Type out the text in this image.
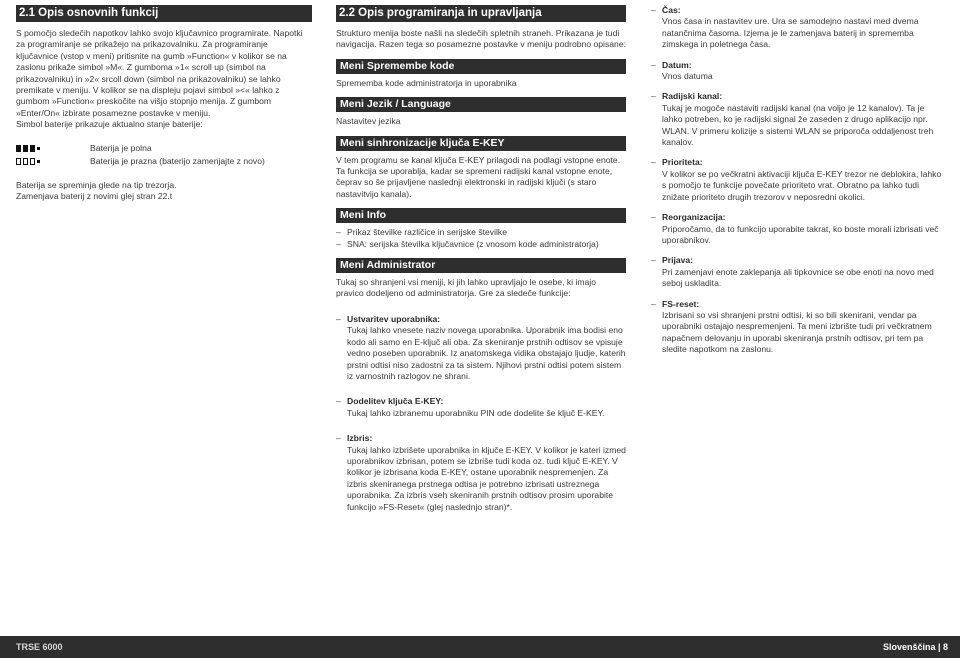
2.1 Opis osnovnih funkcij

S pomočjo sledečih napotkov lahko svojo ključavnico programirate. Napotki za programiranje se prikažejo na prikazovalniku. Za programiranje ključavnice (vstop v meni) pritisnite na gumb »Function« v kolikor se na zaslonu prikaže simbol »M«. Z gumboma »1« scroll up (simbol na prikazovalniku) in »2« srcoll down (simbol na prikazovalniku) se lahko premikate v meniju. V kolikor se na displeju pojavi simbol »<« lahko z gumbom »Function« preskočite na višjo stopnjo menija. Z gumbom »Enter/On« izbirate posamezne postavke v meniju.

Simbol baterije prikazuje aktualno stanje baterije:

Baterija je polna
Baterija je prazna (baterijo zamenjajte z novo)

Baterija se spreminja glede na tip trezorja.

Zamenjava baterij z novimi glej stran 22.t

2.2 Opis programiranja in upravljanja

Strukturo menija boste našli na sledečih spletnih straneh. Prikazana je tudi navigacija. Razen tega so posamezne postavke v meniju podrobno opisane:

Meni Spremembe kode

Sprememba kode administratorja in uporabnika

Meni Jezik / Language

Nastavitev jezika

Meni sinhronizacije ključa E-KEY

V tem programu se kanal ključa E-KEY prilagodi na podlagi vstopne enote. Ta funkcija se uporablja, kadar se spremeni radijski kanal vstopne enote, čeprav so še prijavljene naslednji elektronski in radijski ključi (s staro nastavitvijo kanala).

Meni Info
– Prikaz številke različice in serijske številke
– SNA: serijska številka ključavnice (z vnosom kode administratorja)
Meni Administrator

Tukaj so shranjeni vsi meniji, ki jih lahko upravljajo le osebe, ki imajo pravico dodeljeno od administratorja. Gre za sledeče funkcije:

– Ustvaritev uporabnika:
Tukaj lahko vnesete naziv novega uporabnika. Uporabnik ima bodisi eno kodo ali samo en E-ključ ali oba. Za skeniranje prstnih odtisov se vpisuje vedno poseben uporabnik. Iz anatomskega vidika obstajajo ljudje, katerih prstni odtisi niso zadostni za ta sistem. Njihovi prstni odtisi potem sistem iz varnostnih razlogov ne shrani.
– Dodelitev ključa E-KEY:
Tukaj lahko izbranemu uporabniku PIN ode dodelite še ključ E-KEY.
– Izbris:
Tukaj lahko izbrišete uporabnika in ključe E-KEY. V kolikor je kateri izmed uporabnikov izbrisan, potem se izbriše tudi koda oz. tudi ključ E-KEY. V kolikor je izbrisana koda E-KEY, ostane uporabnik nespremenjen. Za izbris skeniranega prstnega odtisa je potrebno izbrisati ustreznega uporabnika. Za izbris vseh skeniranih prstnih odtisov prosim uporabite funkcijo »FS-Reset« (glej naslednjo stran)*.
– Čas:
Vnos časa in nastavitev ure. Ura se samodejno nastavi med dvema natančnima časoma. Izjema je le zamenjava baterij in sprememba zimskega in poletnega časa.
– Datum:
Vnos datuma
– Radijski kanal:
Tukaj je mogoče nastaviti radijski kanal (na voljo je 12 kanalov). Ta je lahko potreben, ko je radijski signal že zaseden z drugo aplikacijo npr. WLAN. V primeru kolizije s sistemi WLAN se priporoča oddaljenost treh kanalov.
– Prioriteta:
V kolikor se po večkratni aktivaciji ključa E-KEY trezor ne deblokira, lahko s pomočjo te funkcije povečate prioriteto vrat. Obratno pa lahko tudi znižate prioriteto drugih trezorov v neposredni okolici.
– Reorganizacija:
Priporočamo, da to funkcijo uporabite takrat, ko boste morali izbrisati več uporabnikov.
– Prijava:
Pri zamenjavi enote zaklepanja ali tipkovnice se obe enoti na novo med seboj uskladita.
– FS-reset:
Izbrisani so vsi shranjeni prstni odtisi, ki so bili skenirani, vendar pa uporabniki ostajajo nespremenjeni. Ta meni izbrište tudi pri večkratnem napačnem delovanju in uporabi skeniranja prstnih odtisov, pri tem pa sledite napotkom na zaslonu.
TRSE 6000	Slovenščina | 8
